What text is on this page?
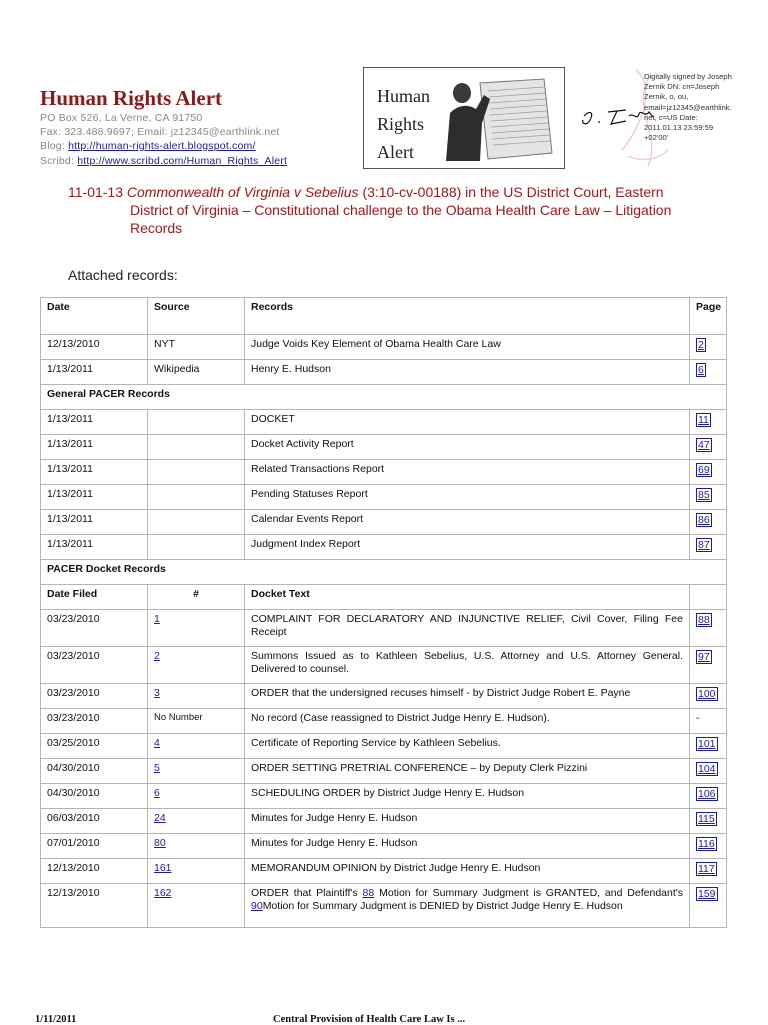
Human Rights Alert
PO Box 526, La Verne, CA 91750
Fax: 323.488.9697; Email: jz12345@earthlink.net
Blog: http://human-rights-alert.blogspot.com/
Scribd: http://www.scribd.com/Human_Rights_Alert
Human
Rights
Alert
Digitally signed by Joseph Zernik DN: cn=Joseph Zernik, o, ou, email=jz12345@earthlink.net, c=US Date: 2011.01.13 23:59:59 +02'00'
11-01-13 Commonwealth of Virginia v Sebelius (3:10-cv-00188) in the US District Court, Eastern
District of Virginia – Constitutional challenge to the Obama Health Care Law – Litigation
Records
Attached records:
Date	Source	Records	Page
12/13/2010	NYT	Judge Voids Key Element of Obama Health Care Law	2
1/13/2011	Wikipedia	Henry E. Hudson	6
General PACER Records			
1/13/2011		DOCKET	11
1/13/2011		Docket Activity Report	47
1/13/2011		Related Transactions Report	69
1/13/2011		Pending Statuses Report	85
1/13/2011		Calendar Events Report	86
1/13/2011		Judgment Index Report	87
PACER Docket Records			
Date Filed	#	Docket Text	
03/23/2010	1	COMPLAINT FOR DECLARATORY AND INJUNCTIVE RELIEF, Civil Cover, Filing Fee Receipt	88
03/23/2010	2	Summons Issued as to Kathleen Sebelius, U.S. Attorney and U.S. Attorney General. Delivered to counsel.	97
03/23/2010	3	ORDER that the undersigned recuses himself - by District Judge Robert E. Payne	100
03/23/2010	No Number	No record (Case reassigned to District Judge Henry E. Hudson).	-
03/25/2010	4	Certificate of Reporting Service by Kathleen Sebelius.	101
04/30/2010	5	ORDER SETTING PRETRIAL CONFERENCE – by Deputy Clerk Pizzini	104
04/30/2010	6	SCHEDULING ORDER by District Judge Henry E. Hudson	106
06/03/2010	24	Minutes for Judge Henry E. Hudson	115
07/01/2010	80	Minutes for Judge Henry E. Hudson	116
12/13/2010	161	MEMORANDUM OPINION by District Judge Henry E. Hudson	117
12/13/2010	162	ORDER that Plaintiff's 88 Motion for Summary Judgment is GRANTED, and Defendant's 90Motion for Summary Judgment is DENIED by District Judge Henry E. Hudson	159
1/11/2011	Central Provision of Health Care Law Is ...
